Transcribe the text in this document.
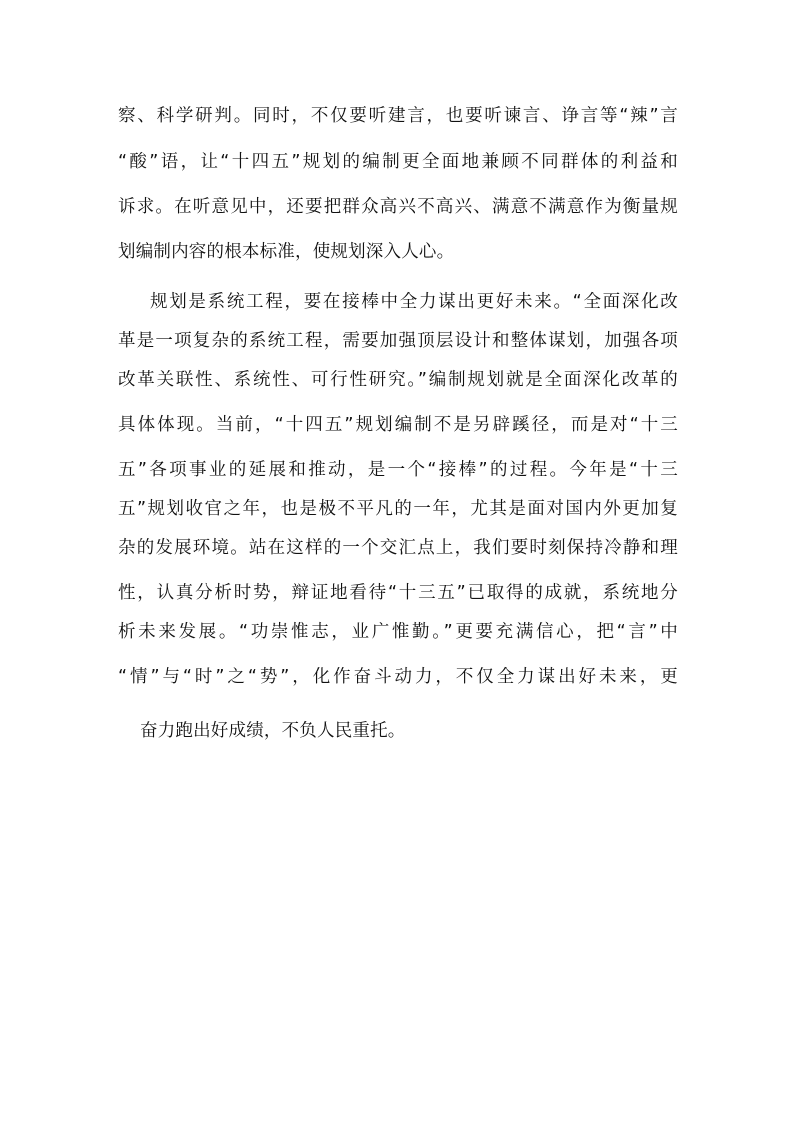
察、科学研判。同时，不仅要听建言，也要听谏言、诤言等“辣”言
“酸”语，让“十四五”规划的编制更全面地兼顾不同群体的利益和
诉求。在听意见中，还要把群众高兴不高兴、满意不满意作为衡量规
划编制内容的根本标准，使规划深入人心。
规划是系统工程，要在接棒中全力谋出更好未来。“全面深化改
革是一项复杂的系统工程，需要加强顶层设计和整体谋划，加强各项
改革关联性、系统性、可行性研究。”编制规划就是全面深化改革的
具体体现。当前，“十四五”规划编制不是另辟蹊径，而是对“十三
五”各项事业的延展和推动，是一个“接棒”的过程。今年是“十三
五”规划收官之年，也是极不平凡的一年，尤其是面对国内外更加复
杂的发展环境。站在这样的一个交汇点上，我们要时刻保持冷静和理
性，认真分析时势，辩证地看待“十三五”已取得的成就，系统地分
析未来发展。“功崇惟志，业广惟勤。”更要充满信心，把“言”中
“情”与“时”之“势”，化作奋斗动力，不仅全力谋出好未来，更
奋力跑出好成绩，不负人民重托。
